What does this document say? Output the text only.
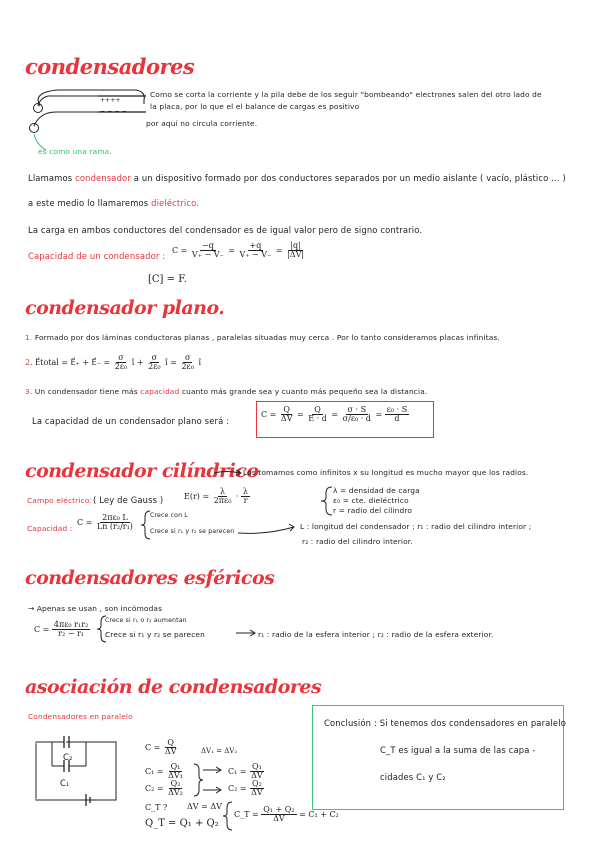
condensadores
++++
− − − −
Como se corta la corriente y la pila debe de los seguir "bombeando" electrones salen del otro lado de
la placa, por lo que el el balance de cargas es positivo
por aquí no circula corriente.
es como una rama.
Llamamos condensador a un dispositivo formado por dos conductores separados por un medio aislante ( vacío, plástico ... )
a este medio lo llamaremos dieléctrico.
La carga en ambos conductores del condensador es de igual valor pero de signo contrario.
Capacidad de un condensador :
$C = \frac{-q}{V_+ - V_-} = \frac{+q}{V_+ - V_-} = \frac{|q|}{|\Delta V|}$
[C] = F.
condensador plano.
1. Formado por dos láminas conductoras planas , paralelas situadas muy cerca . Por lo tanto consideramos placas infinitas.
2. E⃗total = E⃗₊ + E⃗₋ = $\frac{\sigma}{\text{2ε₀}}$ î + $\frac{\sigma}{\text{2ε₀}}$ î = $\frac{\sigma}{\text{2ε₀}}$ î
3. Un condensador tiene más capacidad cuanto más grande sea y cuanto más pequeño sea la distancia.
La capacidad de un condensador plano será :
$C = \frac{Q}{\Delta V} = \frac{Q}{E \cdot d} = \frac{\sigma \cdot S}{\text{σ/ε₀ · d}} = \frac{\text{ε₀ · S}}{d}$
condensador cilíndrico
Los tomamos como infinitos x su longitud es mucho mayor que los radios.
Campo eléctrico: ( Ley de Gauss )	$E(r) = \frac{\lambda}{\text{2πε₀}} \cdot \frac{\lambda}{r}$	λ = densidad de carga
ε₀ = cte. dieléctrico
r = radio del cilindro
Capacidad :
$C = \frac{\text{2πε₀ L}}{\text{Ln (r₂/r₁)}}$ Crece con L
Crece si r₁ y r₂ se parecen
L : longitud del condensador ; r₁ : radio del cilindro interior ;
r₂ : radio del cilindro interior.
condensadores esféricos
→ Apenas se usan , son incómodas
$C = \frac{\text{4πε₀ r₁r₂}}{\text{r₂ − r₁}}$
Crece si r₁ o r₂ aumentan
Crece si r₁ y r₂ se parecen	r₁ : radio de la esfera interior ; r₂ : radio de la esfera exterior.
asociación de condensadores
Condensadores en paralelo
C₂
C₁
$C = \frac{Q}{\Delta V}$	ΔV₁ = ΔV₂
$C_1 = \frac{\text{Q₁}}{\text{ΔV₁}}$
$C_2 = \frac{\text{Q₂}}{\text{ΔV₂}}$
$C_1 = \frac{\text{Q₁}}{\Delta V}$
$C_2 = \frac{\text{Q₂}}{\Delta V}$
C_T ? ΔV = ΔV
Q_T = Q₁ + Q₂
C_T = $\frac{\text{Q₁ + Q₂}}{\Delta V} = C_1 + C_2$
Conclusión : Si tenemos dos condensadores en paralelo
C_T es igual a la suma de las capa -
cidades C₁ y C₂
